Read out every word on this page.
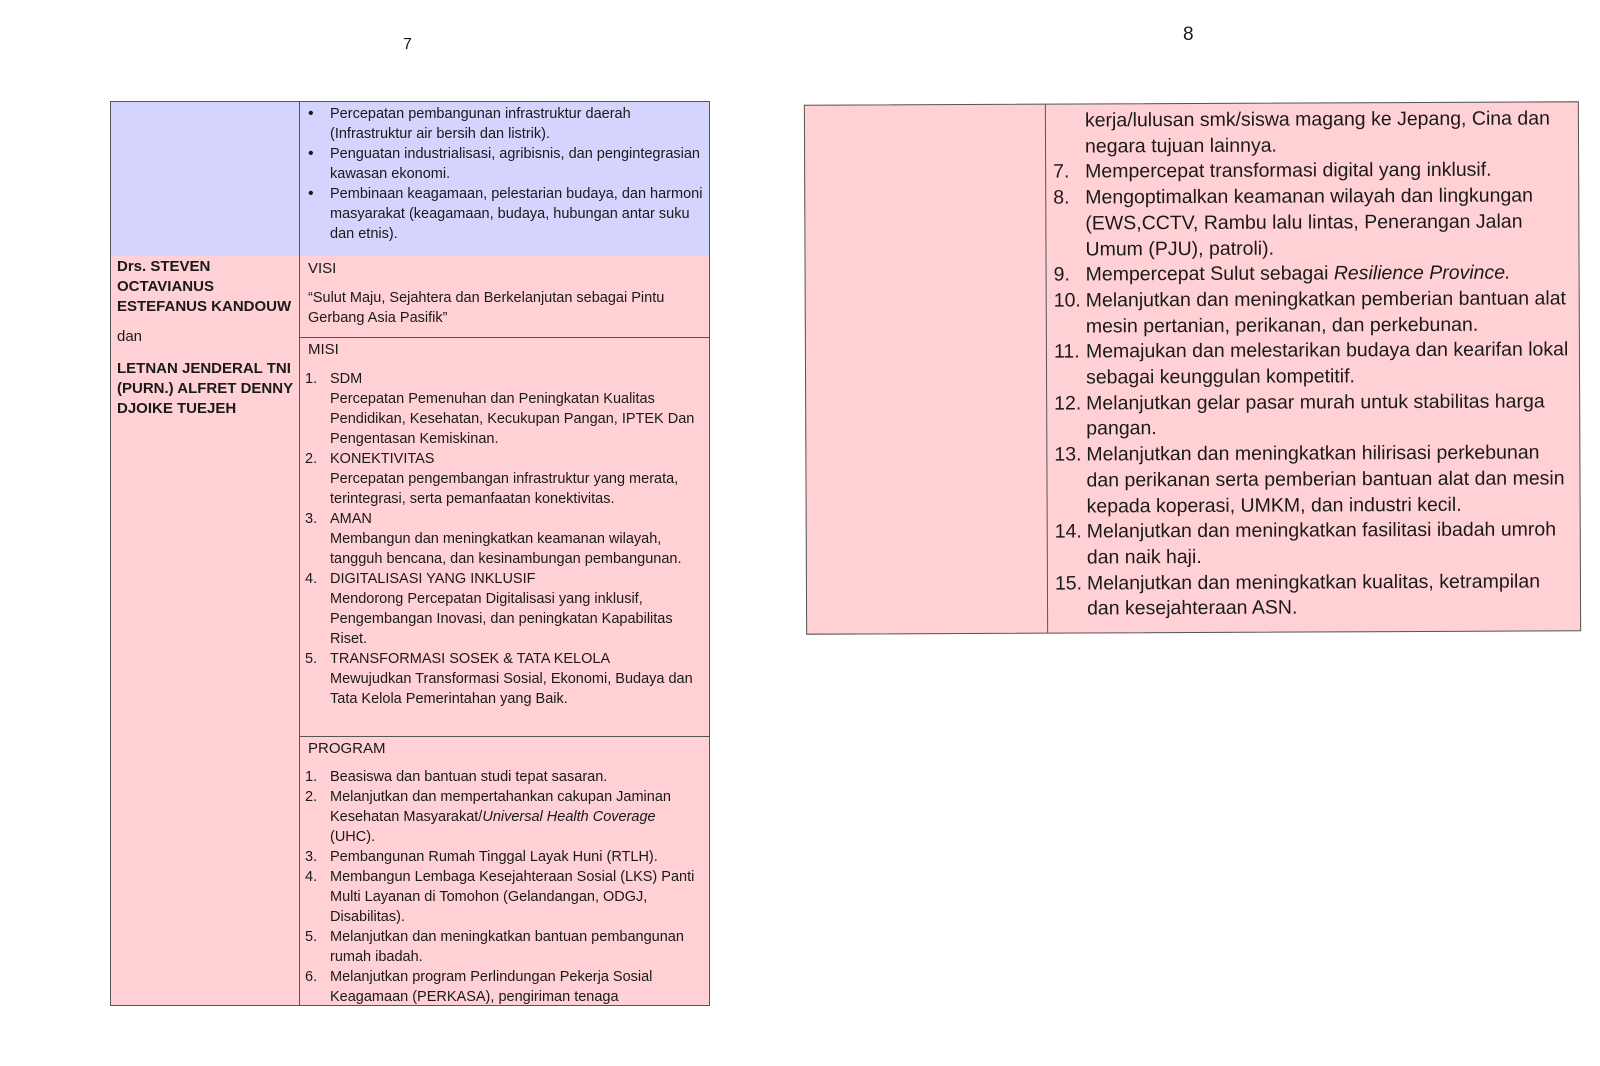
7	8
• Percepatan pembangunan infrastruktur daerah (Infrastruktur air bersih dan listrik).
• Penguatan industrialisasi, agribisnis, dan pengintegrasian kawasan ekonomi.
• Pembinaan keagamaan, pelestarian budaya, dan harmoni masyarakat (keagamaan, budaya, hubungan antar suku dan etnis).
Drs. STEVEN OCTAVIANUS ESTEFANUS KANDOUW
dan
LETNAN JENDERAL TNI (PURN.) ALFRET DENNY DJOIKE TUEJEH
VISI
“Sulut Maju, Sejahtera dan Berkelanjutan sebagai Pintu Gerbang Asia Pasifik”
MISI
1. SDM
Percepatan Pemenuhan dan Peningkatan Kualitas Pendidikan, Kesehatan, Kecukupan Pangan, IPTEK Dan Pengentasan Kemiskinan.
2. KONEKTIVITAS
Percepatan pengembangan infrastruktur yang merata, terintegrasi, serta pemanfaatan konektivitas.
3. AMAN
Membangun dan meningkatkan keamanan wilayah, tangguh bencana, dan kesinambungan pembangunan.
4. DIGITALISASI YANG INKLUSIF
Mendorong Percepatan Digitalisasi yang inklusif, Pengembangan Inovasi, dan peningkatan Kapabilitas Riset.
5. TRANSFORMASI SOSEK & TATA KELOLA
Mewujudkan Transformasi Sosial, Ekonomi, Budaya dan Tata Kelola Pemerintahan yang Baik.
PROGRAM
1. Beasiswa dan bantuan studi tepat sasaran.
2. Melanjutkan dan mempertahankan cakupan Jaminan Kesehatan Masyarakat/Universal Health Coverage (UHC).
3. Pembangunan Rumah Tinggal Layak Huni (RTLH).
4. Membangun Lembaga Kesejahteraan Sosial (LKS) Panti Multi Layanan di Tomohon (Gelandangan, ODGJ, Disabilitas).
5. Melanjutkan dan meningkatkan bantuan pembangunan rumah ibadah.
6. Melanjutkan program Perlindungan Pekerja Sosial Keagamaan (PERKASA), pengiriman tenaga
kerja/lulusan smk/siswa magang ke Jepang, Cina dan negara tujuan lainnya.
7. Mempercepat transformasi digital yang inklusif.
8. Mengoptimalkan keamanan wilayah dan lingkungan (EWS,CCTV, Rambu lalu lintas, Penerangan Jalan Umum (PJU), patroli).
9. Mempercepat Sulut sebagai Resilience Province.
10. Melanjutkan dan meningkatkan pemberian bantuan alat mesin pertanian, perikanan, dan perkebunan.
11. Memajukan dan melestarikan budaya dan kearifan lokal sebagai keunggulan kompetitif.
12. Melanjutkan gelar pasar murah untuk stabilitas harga pangan.
13. Melanjutkan dan meningkatkan hilirisasi perkebunan dan perikanan serta pemberian bantuan alat dan mesin kepada koperasi, UMKM, dan industri kecil.
14. Melanjutkan dan meningkatkan fasilitasi ibadah umroh dan naik haji.
15. Melanjutkan dan meningkatkan kualitas, ketrampilan dan kesejahteraan ASN.
